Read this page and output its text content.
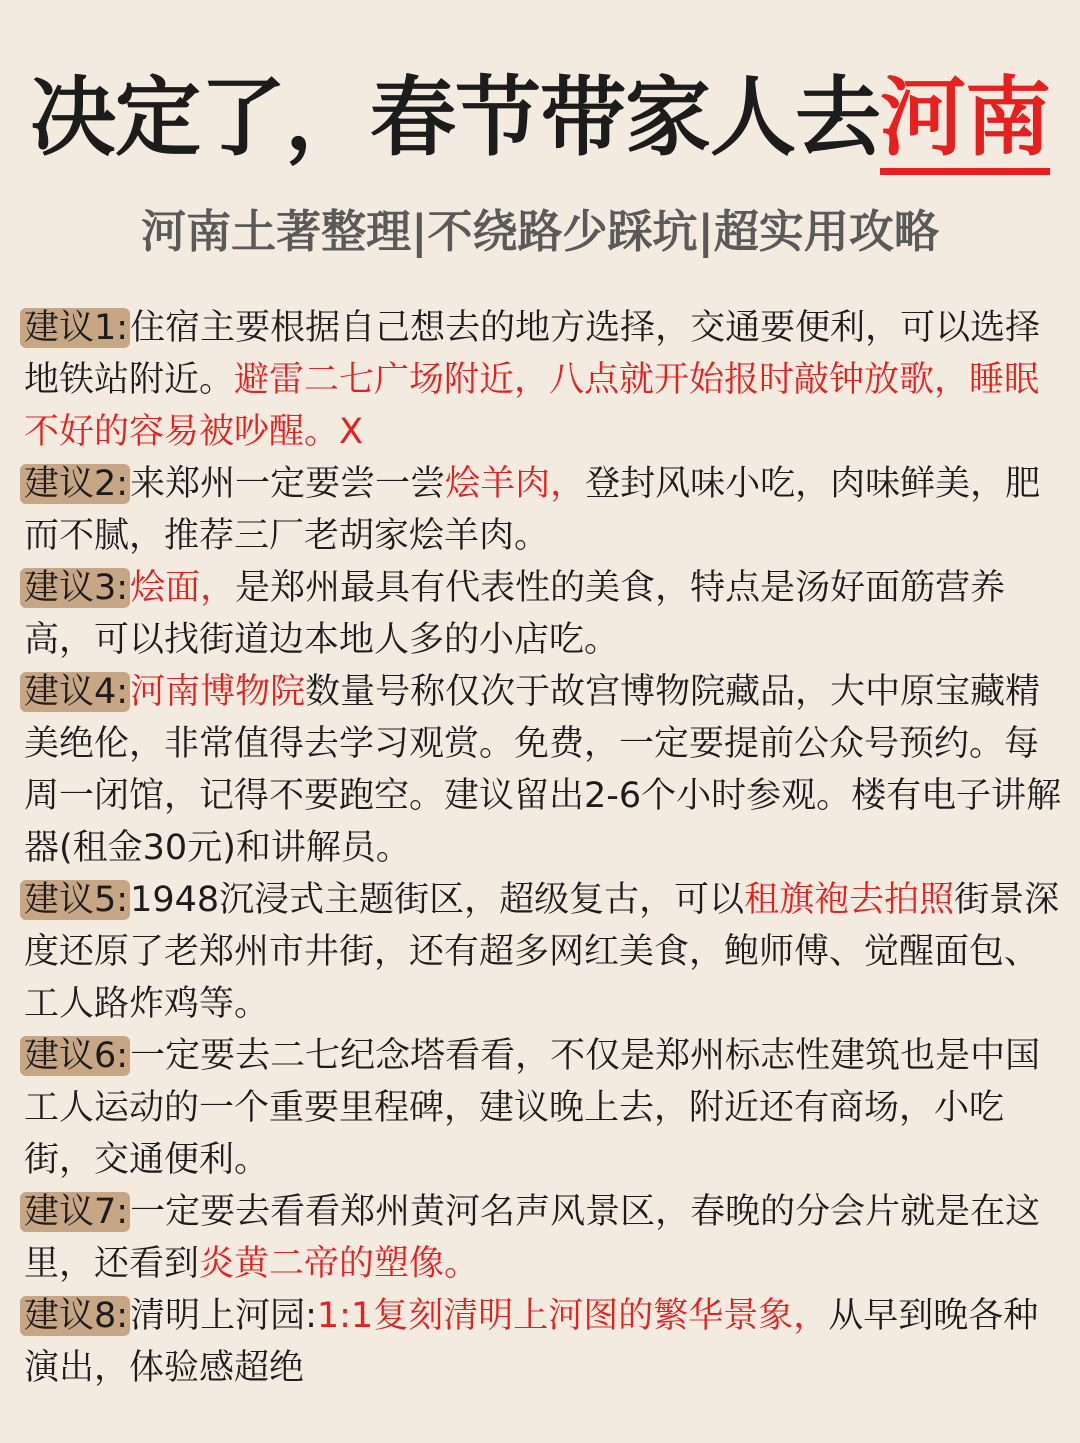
决定了，春节带家人去河南
河南土著整理|不绕路少踩坑|超实用攻略

建议1:住宿主要根据自己想去的地方选择，交通要便利，可以选择地铁站附近。避雷二七广场附近，八点就开始报时敲钟放歌，睡眠不好的容易被吵醒。X

建议2:来郑州一定要尝一尝烩羊肉，登封风味小吃，肉味鲜美，肥而不腻，推荐三厂老胡家烩羊肉。

建议3:烩面，是郑州最具有代表性的美食，特点是汤好面筋营养高，可以找街道边本地人多的小店吃。

建议4:河南博物院数量号称仅次于故宫博物院藏品，大中原宝藏精美绝伦，非常值得去学习观赏。免费，一定要提前公众号预约。每周一闭馆，记得不要跑空。建议留出2-6个小时参观。楼有电子讲解器(租金30元)和讲解员。

建议5:1948沉浸式主题街区，超级复古，可以租旗袍去拍照街景深度还原了老郑州市井街，还有超多网红美食，鲍师傅、觉醒面包、工人路炸鸡等。

建议6:一定要去二七纪念塔看看，不仅是郑州标志性建筑也是中国工人运动的一个重要里程碑，建议晚上去，附近还有商场，小吃街，交通便利。

建议7:一定要去看看郑州黄河名声风景区，春晚的分会片就是在这里，还看到炎黄二帝的塑像。

建议8:清明上河园:1:1复刻清明上河图的繁华景象，从早到晚各种演出，体验感超绝
